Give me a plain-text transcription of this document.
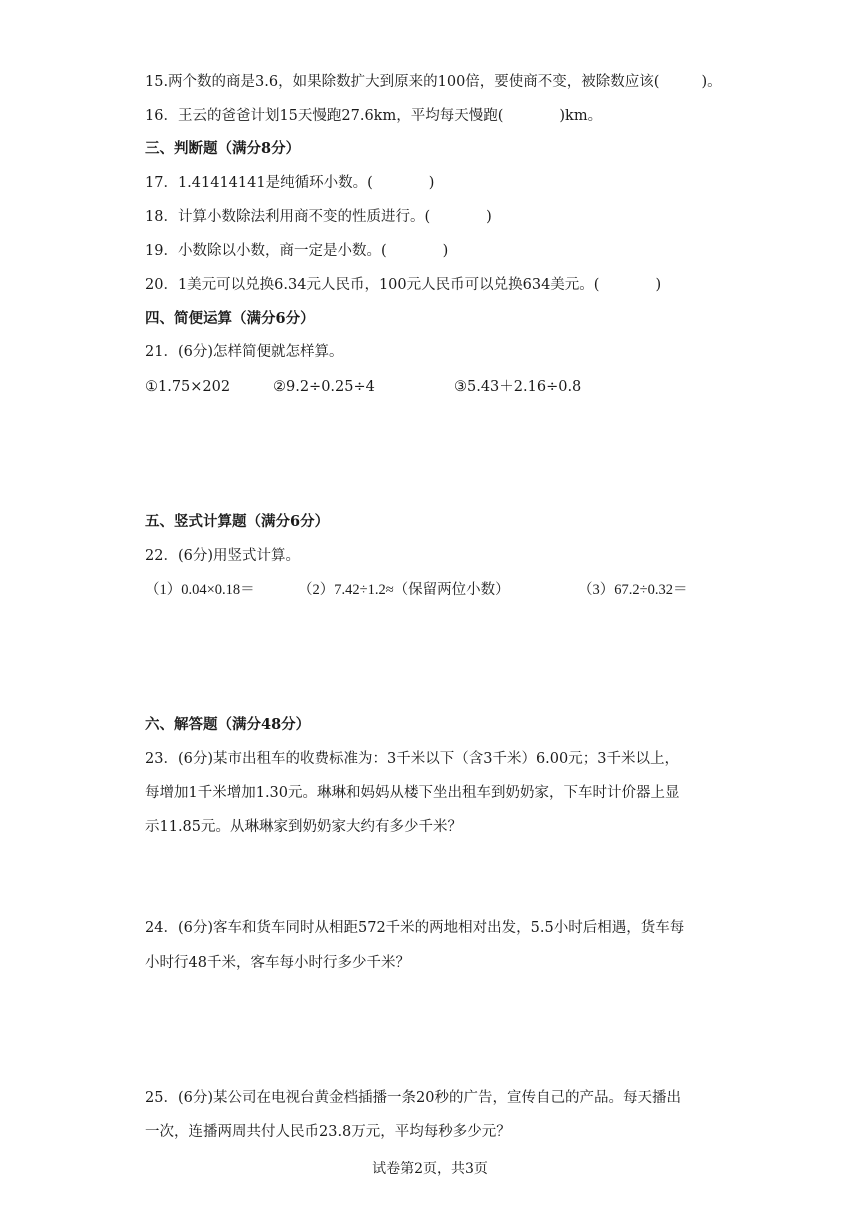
15.两个数的商是3.6，如果除数扩大到原来的100倍，要使商不变，被除数应该(	)。
16．王云的爸爸计划15天慢跑27.6km，平均每天慢跑(	)km。
三、判断题（满分8分）
17．1.41414141是纯循环小数。(	)
18．计算小数除法利用商不变的性质进行。(	)
19．小数除以小数，商一定是小数。(	)
20．1美元可以兑换6.34元人民币，100元人民币可以兑换634美元。(	)
四、简便运算（满分6分）
21．(6分)怎样简便就怎样算。
①1.75×202	②9.2÷0.25÷4	③5.43＋2.16÷0.8
五、竖式计算题（满分6分）
22．(6分)用竖式计算。
（1）0.04×0.18＝	（2）7.42÷1.2≈（保留两位小数）	（3）67.2÷0.32＝
六、解答题（满分48分）
23．(6分)某市出租车的收费标准为：3千米以下（含3千米）6.00元；3千米以上，
每增加1千米增加1.30元。琳琳和妈妈从楼下坐出租车到奶奶家，下车时计价器上显
示11.85元。从琳琳家到奶奶家大约有多少千米？
24．(6分)客车和货车同时从相距572千米的两地相对出发，5.5小时后相遇，货车每
小时行48千米，客车每小时行多少千米？
25．(6分)某公司在电视台黄金档插播一条20秒的广告，宣传自己的产品。每天播出
一次，连播两周共付人民币23.8万元，平均每秒多少元？
试卷第2页，共3页
